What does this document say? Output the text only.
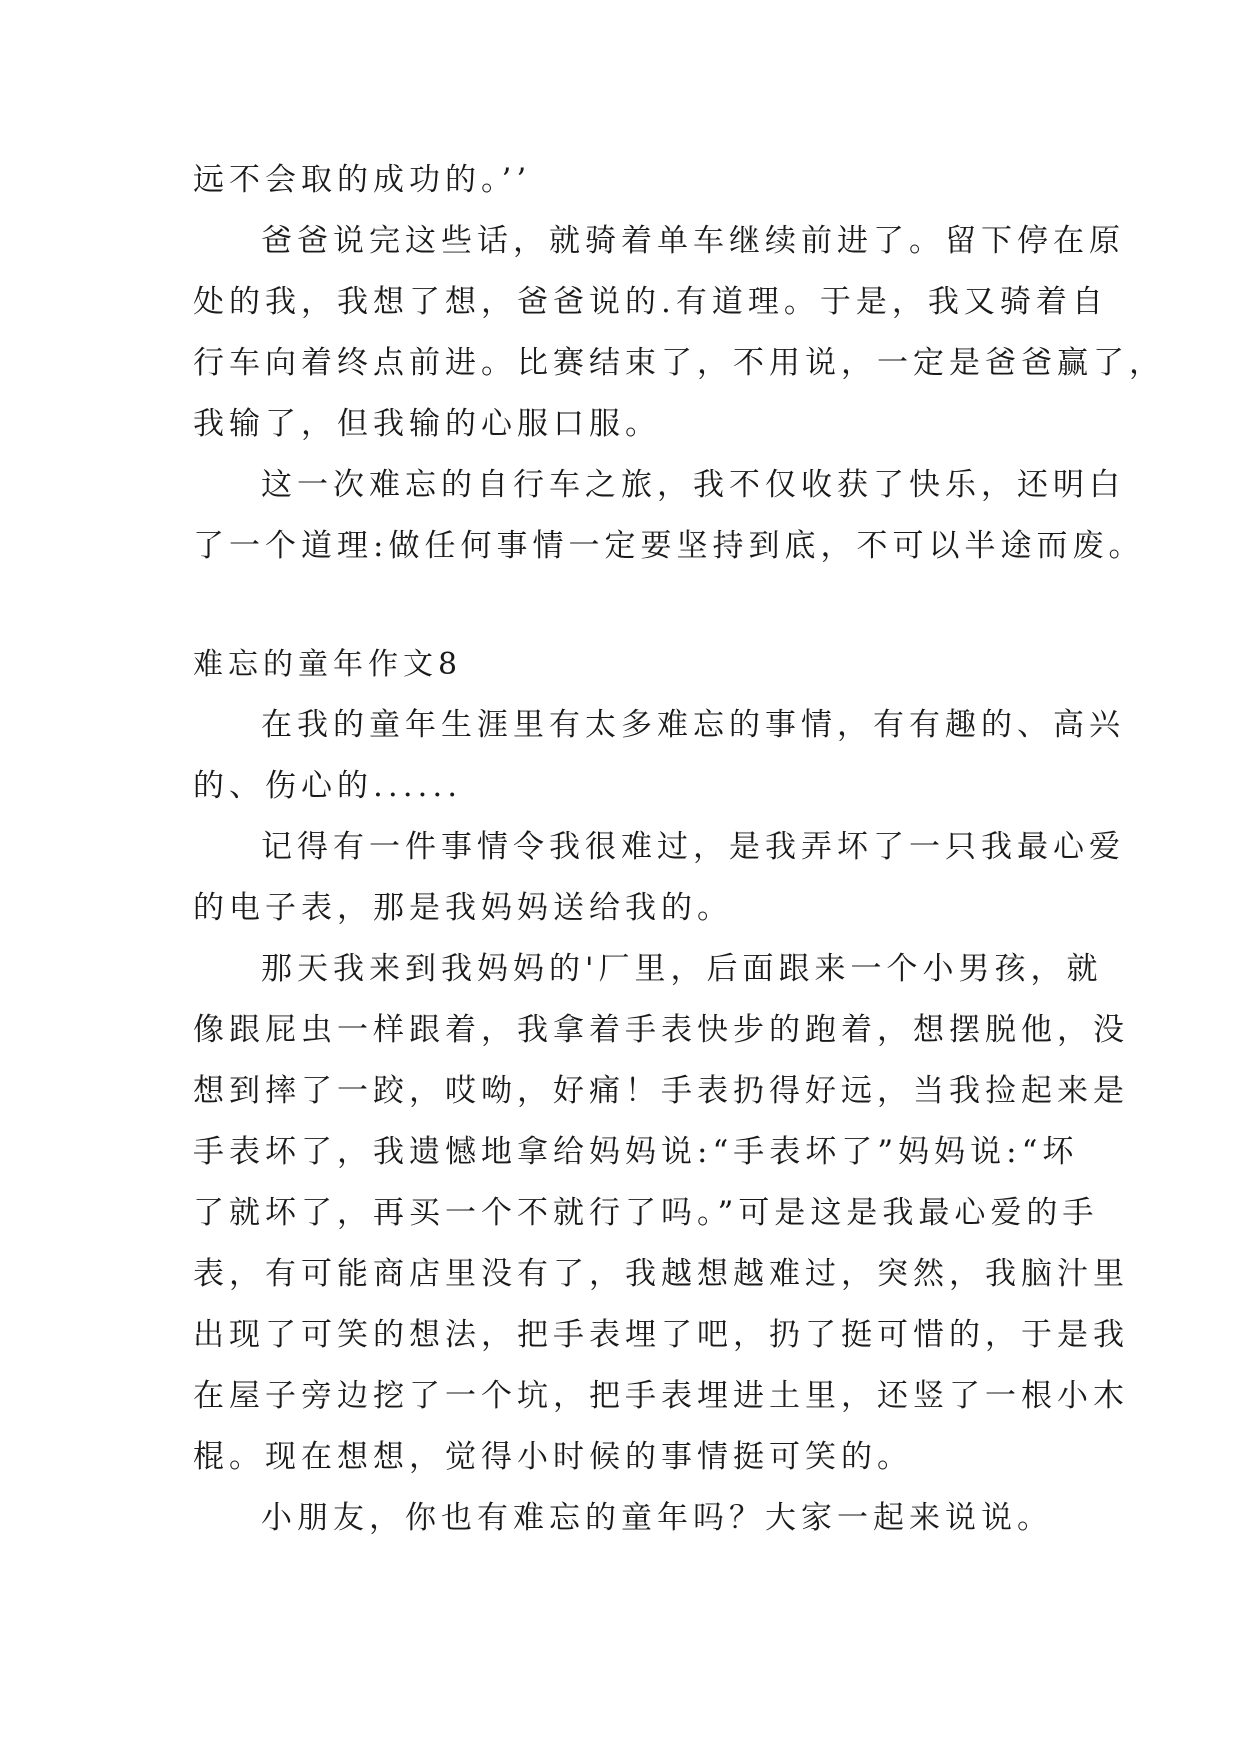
远不会取的成功的。’’
爸爸说完这些话，就骑着单车继续前进了。留下停在原
处的我，我想了想，爸爸说的.有道理。于是，我又骑着自
行车向着终点前进。比赛结束了，不用说，一定是爸爸赢了，
我输了，但我输的心服口服。
这一次难忘的自行车之旅，我不仅收获了快乐，还明白
了一个道理:做任何事情一定要坚持到底，不可以半途而废。
难忘的童年作文8
在我的童年生涯里有太多难忘的事情，有有趣的、高兴
的、伤心的......
记得有一件事情令我很难过，是我弄坏了一只我最心爱
的电子表，那是我妈妈送给我的。
那天我来到我妈妈的'厂里，后面跟来一个小男孩，就
像跟屁虫一样跟着，我拿着手表快步的跑着，想摆脱他，没
想到摔了一跤，哎呦，好痛！手表扔得好远，当我捡起来是
手表坏了，我遗憾地拿给妈妈说:“手表坏了”妈妈说:“坏
了就坏了，再买一个不就行了吗。”可是这是我最心爱的手
表，有可能商店里没有了，我越想越难过，突然，我脑汁里
出现了可笑的想法，把手表埋了吧，扔了挺可惜的，于是我
在屋子旁边挖了一个坑，把手表埋进土里，还竖了一根小木
棍。现在想想，觉得小时候的事情挺可笑的。
小朋友，你也有难忘的童年吗？大家一起来说说。
